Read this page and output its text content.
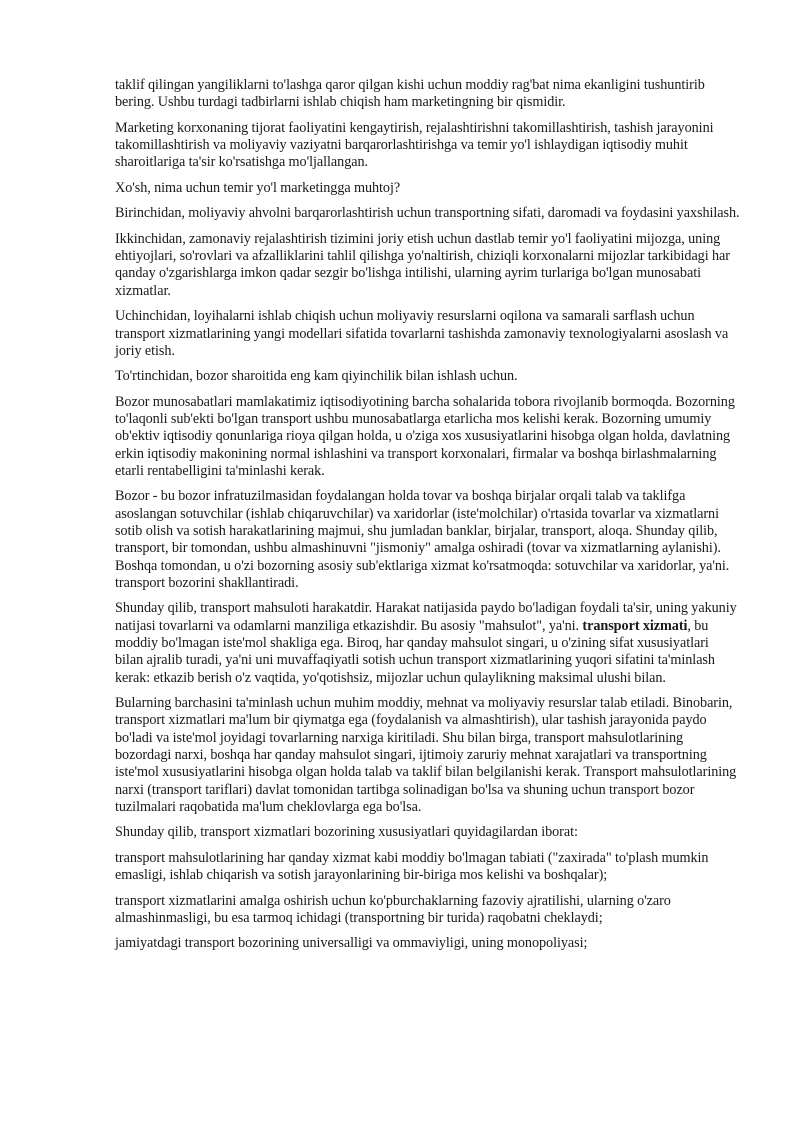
taklif qilingan yangiliklarni to'lashga qaror qilgan kishi uchun moddiy rag'bat nima ekanligini tushuntirib bering. Ushbu turdagi tadbirlarni ishlab chiqish ham marketingning bir qismidir.

Marketing korxonaning tijorat faoliyatini kengaytirish, rejalashtirishni takomillashtirish, tashish jarayonini takomillashtirish va moliyaviy vaziyatni barqarorlashtirishga va temir yo'l ishlaydigan iqtisodiy muhit sharoitlariga ta'sir ko'rsatishga mo'ljallangan.

Xo'sh, nima uchun temir yo'l marketingga muhtoj?

Birinchidan, moliyaviy ahvolni barqarorlashtirish uchun transportning sifati, daromadi va foydasini yaxshilash.

Ikkinchidan, zamonaviy rejalashtirish tizimini joriy etish uchun dastlab temir yo'l faoliyatini mijozga, uning ehtiyojlari, so'rovlari va afzalliklarini tahlil qilishga yo'naltirish, chiziqli korxonalarni mijozlar tarkibidagi har qanday o'zgarishlarga imkon qadar sezgir bo'lishga intilishi, ularning ayrim turlariga bo'lgan munosabati xizmatlar.

Uchinchidan, loyihalarni ishlab chiqish uchun moliyaviy resurslarni oqilona va samarali sarflash uchun transport xizmatlarining yangi modellari sifatida tovarlarni tashishda zamonaviy texnologiyalarni asoslash va joriy etish.

To'rtinchidan, bozor sharoitida eng kam qiyinchilik bilan ishlash uchun.

Bozor munosabatlari mamlakatimiz iqtisodiyotining barcha sohalarida tobora rivojlanib bormoqda. Bozorning to'laqonli sub'ekti bo'lgan transport ushbu munosabatlarga etarlicha mos kelishi kerak. Bozorning umumiy ob'ektiv iqtisodiy qonunlariga rioya qilgan holda, u o'ziga xos xususiyatlarini hisobga olgan holda, davlatning erkin iqtisodiy makonining normal ishlashini va transport korxonalari, firmalar va boshqa birlashmalarning etarli rentabelligini ta'minlashi kerak.

Bozor - bu bozor infratuzilmasidan foydalangan holda tovar va boshqa birjalar orqali talab va taklifga asoslangan sotuvchilar (ishlab chiqaruvchilar) va xaridorlar (iste'molchilar) o'rtasida tovarlar va xizmatlarni sotib olish va sotish harakatlarining majmui, shu jumladan banklar, birjalar, transport, aloqa. Shunday qilib, transport, bir tomondan, ushbu almashinuvni "jismoniy" amalga oshiradi (tovar va xizmatlarning aylanishi). Boshqa tomondan, u o'zi bozorning asosiy sub'ektlariga xizmat ko'rsatmoqda: sotuvchilar va xaridorlar, ya'ni. transport bozorini shakllantiradi.

Shunday qilib, transport mahsuloti harakatdir. Harakat natijasida paydo bo'ladigan foydali ta'sir, uning yakuniy natijasi tovarlarni va odamlarni manziliga etkazishdir. Bu asosiy "mahsulot", ya'ni. transport xizmati, bu moddiy bo'lmagan iste'mol shakliga ega. Biroq, har qanday mahsulot singari, u o'zining sifat xususiyatlari bilan ajralib turadi, ya'ni uni muvaffaqiyatli sotish uchun transport xizmatlarining yuqori sifatini ta'minlash kerak: etkazib berish o'z vaqtida, yo'qotishsiz, mijozlar uchun qulaylikning maksimal ulushi bilan.

Bularning barchasini ta'minlash uchun muhim moddiy, mehnat va moliyaviy resurslar talab etiladi. Binobarin, transport xizmatlari ma'lum bir qiymatga ega (foydalanish va almashtirish), ular tashish jarayonida paydo bo'ladi va iste'mol joyidagi tovarlarning narxiga kiritiladi. Shu bilan birga, transport mahsulotlarining bozordagi narxi, boshqa har qanday mahsulot singari, ijtimoiy zaruriy mehnat xarajatlari va transportning iste'mol xususiyatlarini hisobga olgan holda talab va taklif bilan belgilanishi kerak. Transport mahsulotlarining narxi (transport tariflari) davlat tomonidan tartibga solinadigan bo'lsa va shuning uchun transport bozor tuzilmalari raqobatida ma'lum cheklovlarga ega bo'lsa.

Shunday qilib, transport xizmatlari bozorining xususiyatlari quyidagilardan iborat:

transport mahsulotlarining har qanday xizmat kabi moddiy bo'lmagan tabiati ("zaxirada" to'plash mumkin emasligi, ishlab chiqarish va sotish jarayonlarining bir-biriga mos kelishi va boshqalar);

transport xizmatlarini amalga oshirish uchun ko'pburchaklarning fazoviy ajratilishi, ularning o'zaro almashinmasligi, bu esa tarmoq ichidagi (transportning bir turida) raqobatni cheklaydi;

jamiyatdagi transport bozorining universalligi va ommaviyligi, uning monopoliyasi;
